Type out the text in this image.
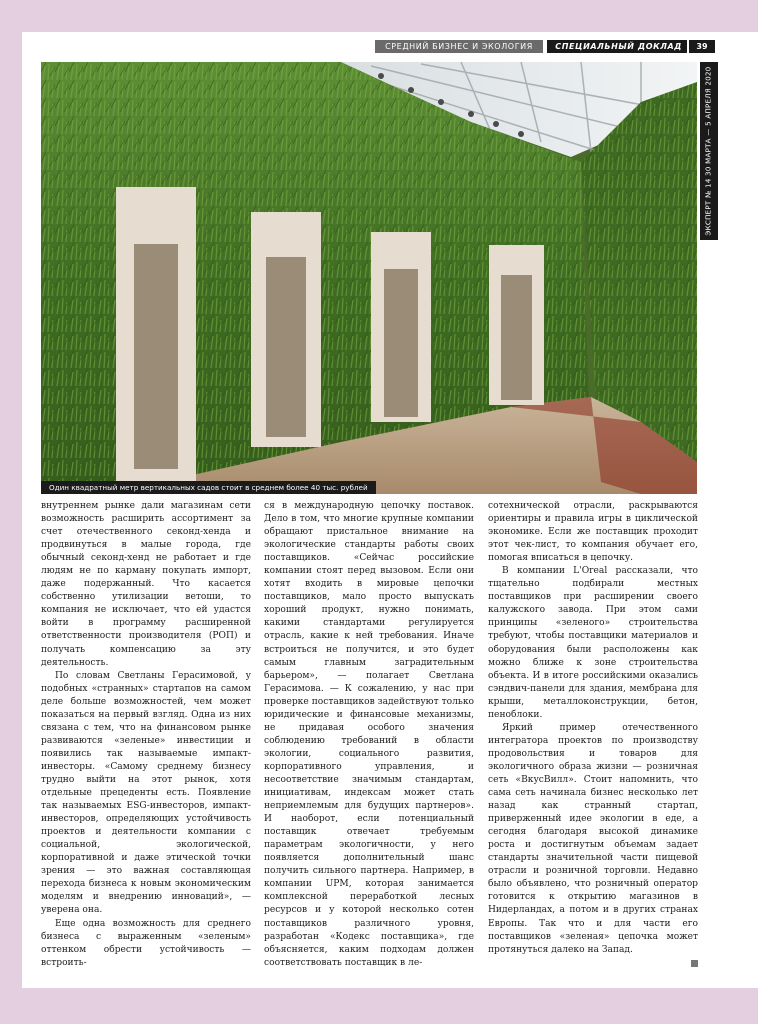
СРЕДНИЙ БИЗНЕС И ЭКОЛОГИЯ	СПЕЦИАЛЬНЫЙ ДОКЛАД	39
ЭКСПЕРТ № 14 30 МАРТА — 5 АПРЕЛЯ 2020
Один квадратный метр вертикальных садов стоит в среднем более 40 тыс. рублей

внутреннем рынке дали магазинам сети возможность расширить ассортимент за счет отечественного секонд-хенда и продвинуться в малые города, где обычный секонд-хенд не работает и где людям не по карману покупать импорт, даже подержанный. Что касается собственно утилизации ветоши, то компания не исключает, что ей удастся войти в программу расширенной ответственности производителя (РОП) и получать компенсацию за эту деятельность.

По словам Светланы Герасимовой, у подобных «странных» стартапов на самом деле больше возможностей, чем может показаться на первый взгляд. Одна из них связана с тем, что на финансовом рынке развиваются «зеленые» инвестиции и появились так называемые импакт-инвесторы. «Самому среднему бизнесу трудно выйти на этот рынок, хотя отдельные прецеденты есть. Появление так называемых ESG-инвесторов, импакт-инвесторов, определяющих устойчивость проектов и деятельности компании с социальной, экологической, корпоративной и даже этической точки зрения — это важная составляющая перехода бизнеса к новым экономическим моделям и внедрению инноваций», — уверена она.

Еще одна возможность для среднего бизнеса с выраженным «зеленым» оттенком обрести устойчивость — встроить-

ся в международную цепочку поставок. Дело в том, что многие крупные компании обращают пристальное внимание на экологические стандарты работы своих поставщиков. «Сейчас российские компании стоят перед вызовом. Если они хотят входить в мировые цепочки поставщиков, мало просто выпускать хороший продукт, нужно понимать, какими стандартами регулируется отрасль, какие к ней требования. Иначе встроиться не получится, и это будет самым главным заградительным барьером», — полагает Светлана Герасимова. — К сожалению, у нас при проверке поставщиков задействуют только юридические и финансовые механизмы, не придавая особого значения соблюдению требований в области экологии, социального развития, корпоративного управления, и несоответствие значимым стандартам, инициативам, индексам может стать неприемлемым для будущих партнеров». И наоборот, если потенциальный поставщик отвечает требуемым параметрам экологичности, у него появляется дополнительный шанс получить сильного партнера. Например, в компании UPM, которая занимается комплексной переработкой лесных ресурсов и у которой несколько сотен поставщиков различного уровня, разработан «Кодекс поставщика», где объясняется, каким подходам должен соответствовать поставщик в ле-

сотехнической отрасли, раскрываются ориентиры и правила игры в циклической экономике. Если же поставщик проходит этот чек-лист, то компания обучает его, помогая вписаться в цепочку.

В компании L'Oreal рассказали, что тщательно подбирали местных поставщиков при расширении своего калужского завода. При этом сами принципы «зеленого» строительства требуют, чтобы поставщики материалов и оборудования были расположены как можно ближе к зоне строительства объекта. И в итоге российскими оказались сэндвич-панели для здания, мембрана для крыши, металлоконструкции, бетон, пеноблоки.

Яркий пример отечественного интегратора проектов по производству продовольствия и товаров для экологичного образа жизни — розничная сеть «ВкусВилл». Стоит напомнить, что сама сеть начинала бизнес несколько лет назад как странный стартап, приверженный идее экологии в еде, а сегодня благодаря высокой динамике роста и достигнутым объемам задает стандарты значительной части пищевой отрасли и розничной торговли. Недавно было объявлено, что розничный оператор готовится к открытию магазинов в Нидерландах, а потом и в других странах Европы. Так что и для части его поставщиков «зеленая» цепочка может протянуться далеко на Запад.
